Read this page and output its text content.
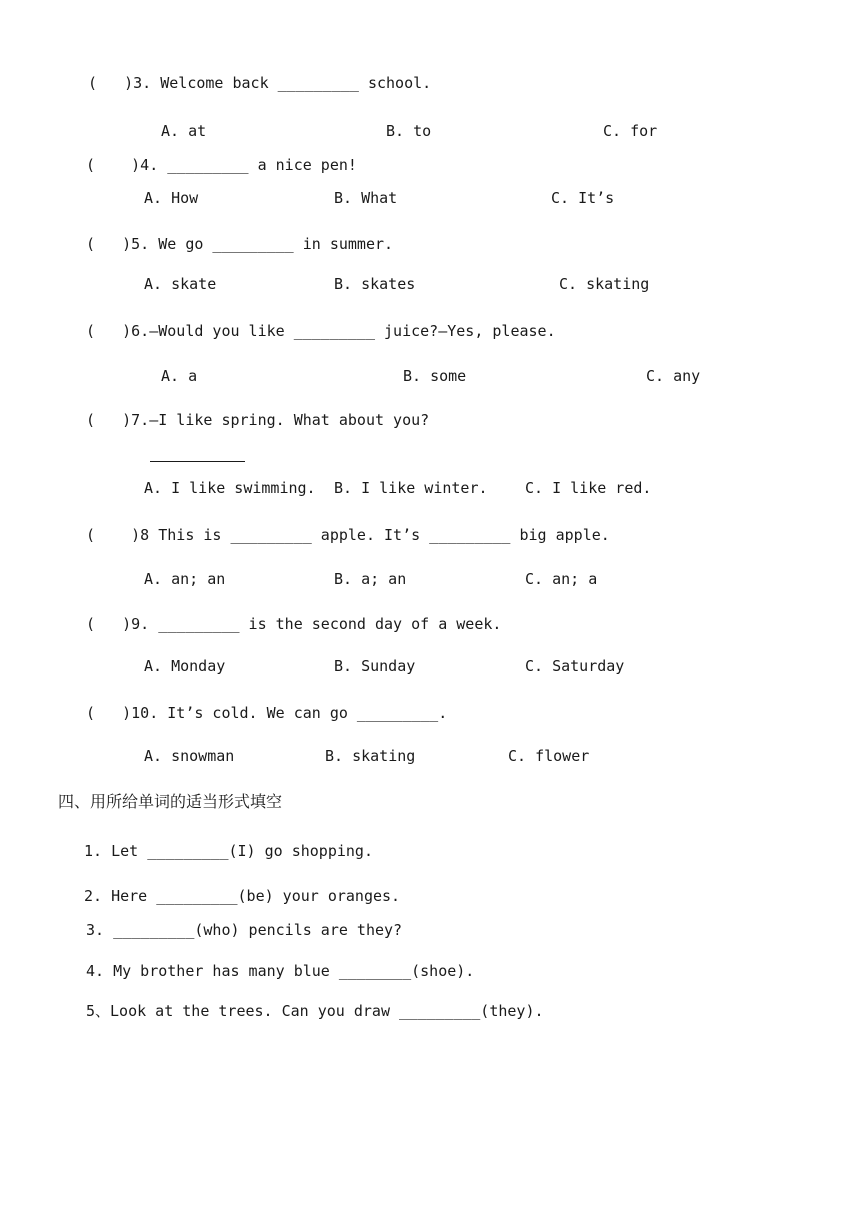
(   )3. Welcome back _________ school.
A. at	B. to	C. for
(    )4. _________ a nice pen!
A. How	B. What	C. It’s
(   )5. We go _________ in summer.
A. skate	B. skates	C. skating
(   )6.—Would you like _________ juice?—Yes, please.
A. a	B. some	C. any
(   )7.—I like spring. What about you?
A. I like swimming. B. I like winter. C. I like red.
(    )8 This is _________ apple. It’s _________ big apple.
A. an; an	B. a; an	C. an; a
(   )9. _________ is the second day of a week.
A. Monday	B. Sunday	C. Saturday
(   )10. It’s cold. We can go _________.
A. snowman	B. skating	C. flower
四、用所给单词的适当形式填空
1. Let _________(I) go shopping.
2. Here _________(be) your oranges.
3. _________(who) pencils are they?
4. My brother has many blue ________(shoe).
5、Look at the trees. Can you draw _________(they).
